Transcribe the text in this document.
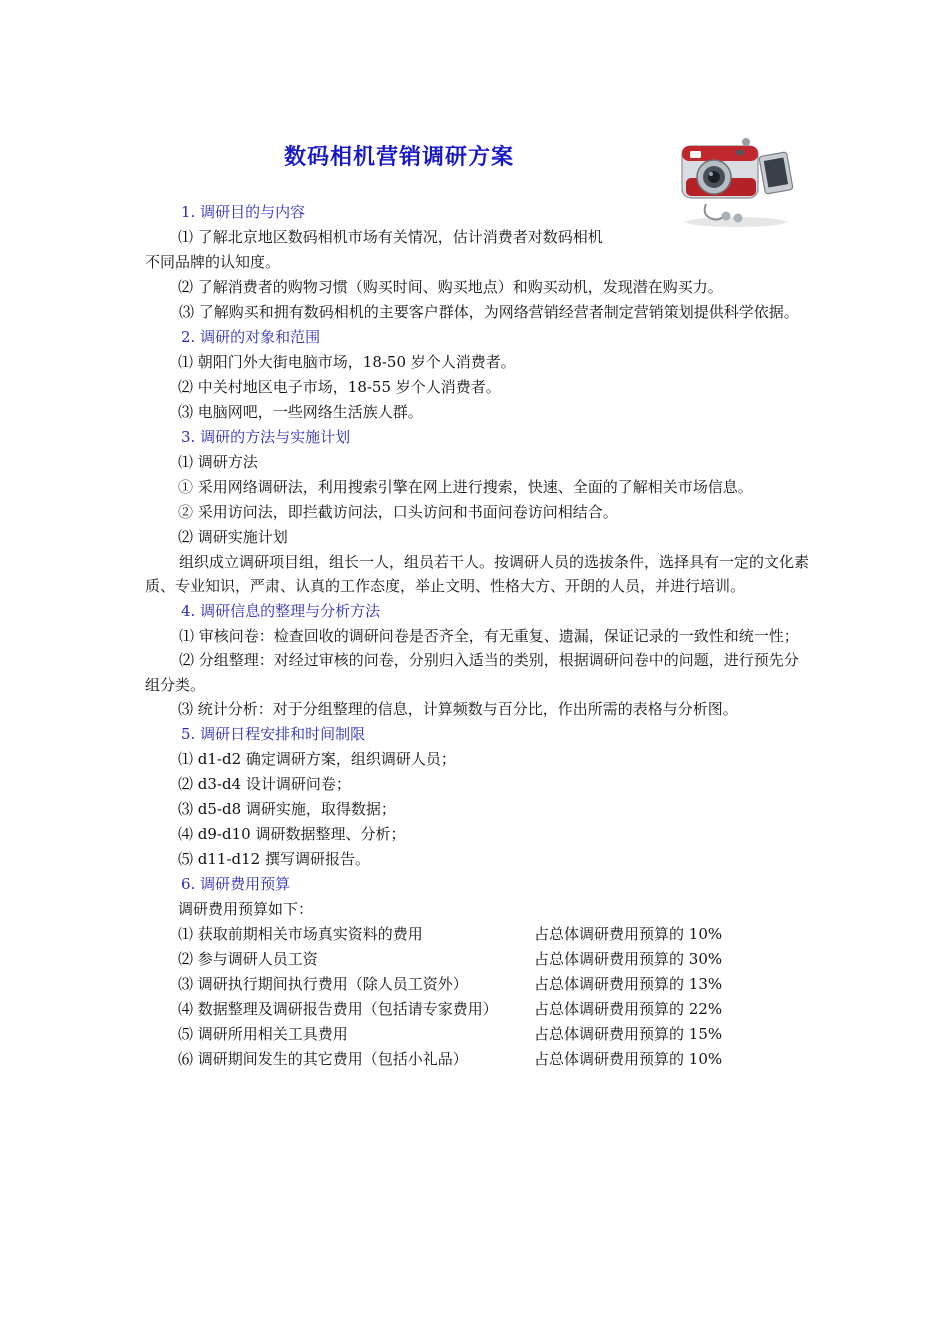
数码相机营销调研方案
1. 调研目的与内容
⑴ 了解北京地区数码相机市场有关情况，估计消费者对数码相机
不同品牌的认知度。
⑵ 了解消费者的购物习惯（购买时间、购买地点）和购买动机，发现潜在购买力。
⑶ 了解购买和拥有数码相机的主要客户群体，为网络营销经营者制定营销策划提供科学依据。
2. 调研的对象和范围
⑴ 朝阳门外大街电脑市场，18-50 岁个人消费者。
⑵ 中关村地区电子市场，18-55 岁个人消费者。
⑶ 电脑网吧，一些网络生活族人群。
3. 调研的方法与实施计划
⑴ 调研方法
① 采用网络调研法，利用搜索引擎在网上进行搜索，快速、全面的了解相关市场信息。
② 采用访问法，即拦截访问法，口头访问和书面问卷访问相结合。
⑵ 调研实施计划
组织成立调研项目组，组长一人，组员若干人。按调研人员的选拔条件，选择具有一定的文化素质、专业知识，严肃、认真的工作态度，举止文明、性格大方、开朗的人员，并进行培训。
4. 调研信息的整理与分析方法
⑴ 审核问卷：检查回收的调研问卷是否齐全，有无重复、遗漏，保证记录的一致性和统一性；
⑵ 分组整理：对经过审核的问卷，分别归入适当的类别，根据调研问卷中的问题，进行预先分组分类。
⑶ 统计分析：对于分组整理的信息，计算频数与百分比，作出所需的表格与分析图。
5. 调研日程安排和时间制限
⑴ d1-d2 确定调研方案，组织调研人员；
⑵ d3-d4 设计调研问卷；
⑶ d5-d8 调研实施，取得数据；
⑷ d9-d10 调研数据整理、分析；
⑸ d11-d12 撰写调研报告。
6. 调研费用预算
调研费用预算如下：
⑴ 获取前期相关市场真实资料的费用	占总体调研费用预算的 10%
⑵ 参与调研人员工资	占总体调研费用预算的 30%
⑶ 调研执行期间执行费用（除人员工资外）	占总体调研费用预算的 13%
⑷ 数据整理及调研报告费用（包括请专家费用）	占总体调研费用预算的 22%
⑸ 调研所用相关工具费用	占总体调研费用预算的 15%
⑹ 调研期间发生的其它费用（包括小礼品）	占总体调研费用预算的 10%
